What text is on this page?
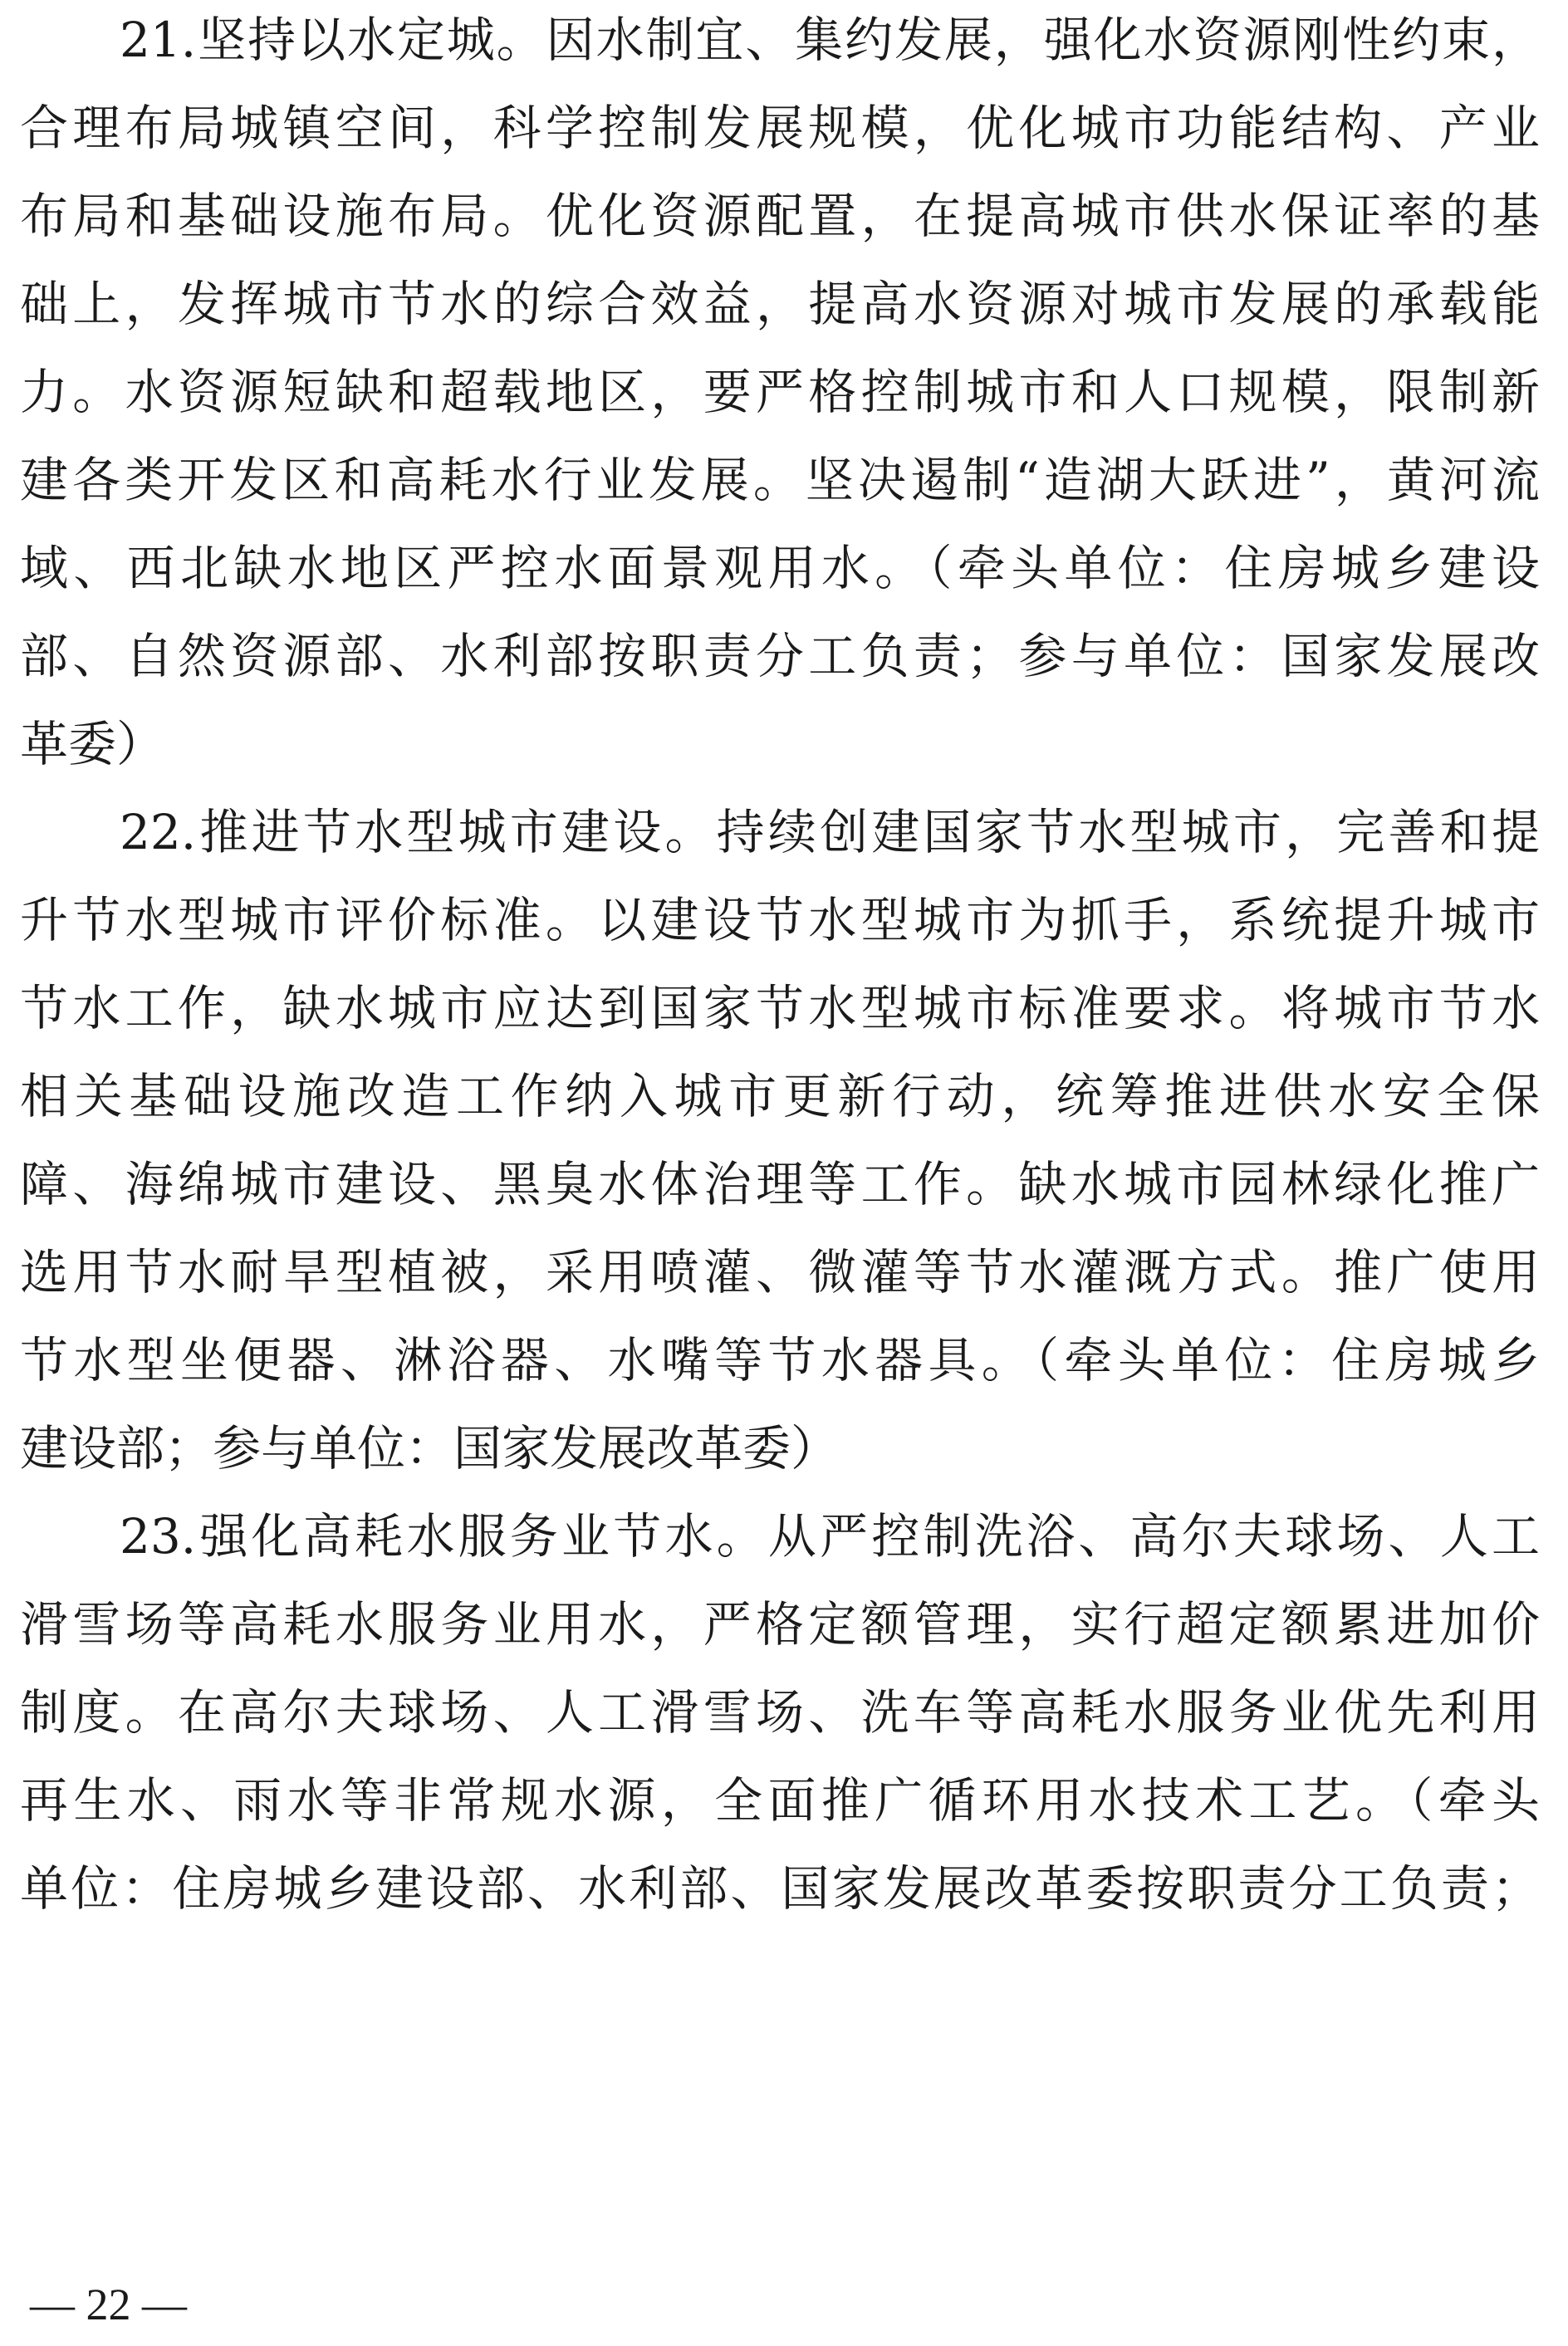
21.坚持以水定城。因水制宜、集约发展，强化水资源刚性约束，
合理布局城镇空间，科学控制发展规模，优化城市功能结构、产业
布局和基础设施布局。优化资源配置，在提高城市供水保证率的基
础上，发挥城市节水的综合效益，提高水资源对城市发展的承载能
力。水资源短缺和超载地区，要严格控制城市和人口规模，限制新
建各类开发区和高耗水行业发展。坚决遏制“造湖大跃进”，黄河流
域、西北缺水地区严控水面景观用水。（牵头单位：住房城乡建设
部、自然资源部、水利部按职责分工负责；参与单位：国家发展改
革委）
22.推进节水型城市建设。持续创建国家节水型城市，完善和提
升节水型城市评价标准。以建设节水型城市为抓手，系统提升城市
节水工作，缺水城市应达到国家节水型城市标准要求。将城市节水
相关基础设施改造工作纳入城市更新行动，统筹推进供水安全保
障、海绵城市建设、黑臭水体治理等工作。缺水城市园林绿化推广
选用节水耐旱型植被，采用喷灌、微灌等节水灌溉方式。推广使用
节水型坐便器、淋浴器、水嘴等节水器具。（牵头单位：住房城乡
建设部；参与单位：国家发展改革委）
23.强化高耗水服务业节水。从严控制洗浴、高尔夫球场、人工
滑雪场等高耗水服务业用水，严格定额管理，实行超定额累进加价
制度。在高尔夫球场、人工滑雪场、洗车等高耗水服务业优先利用
再生水、雨水等非常规水源，全面推广循环用水技术工艺。（牵头
单位：住房城乡建设部、水利部、国家发展改革委按职责分工负责；
— 22 —
